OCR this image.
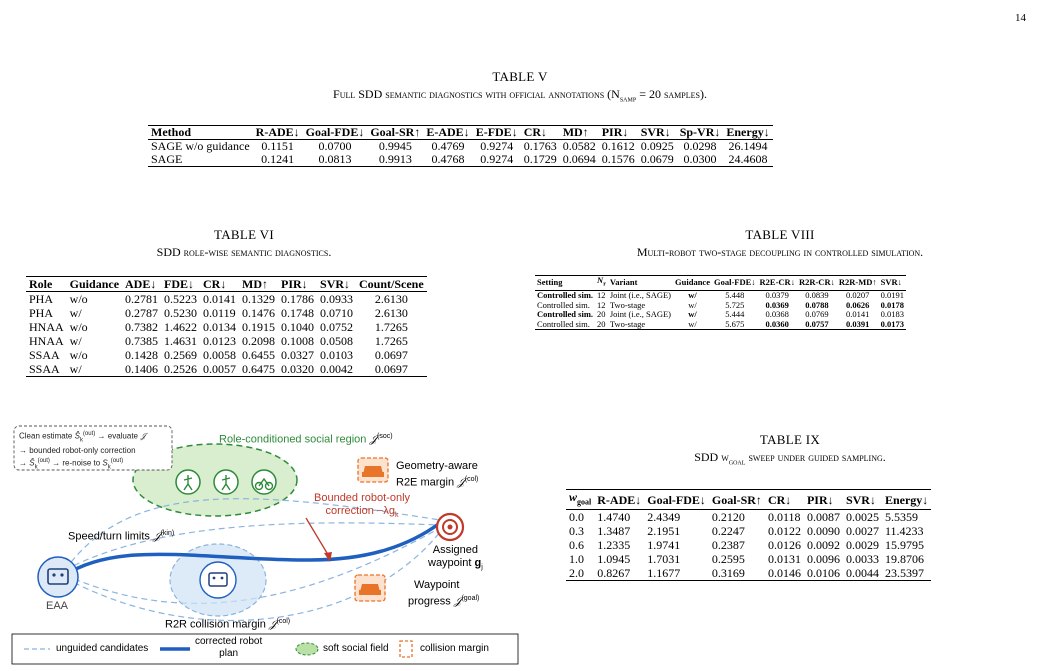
14
TABLE V
Full SDD semantic diagnostics with official annotations ($N_{samp} = 20$ samples).
Method	R-ADE↓	Goal-FDE↓	Goal-SR↑	E-ADE↓	E-FDE↓	CR↓	MD↑	PIR↓	SVR↓	Sp-VR↓	Energy↓
SAGE w/o guidance	0.1151	0.0700	0.9945	0.4769	0.9274	0.1763	0.0582	0.1612	0.0925	0.0298	26.1494
SAGE	0.1241	0.0813	0.9913	0.4768	0.9274	0.1729	0.0694	0.1576	0.0679	0.0300	24.4608
TABLE VI
SDD role-wise semantic diagnostics.
Role	Guidance	ADE↓	FDE↓	CR↓	MD↑	PIR↓	SVR↓	Count/Scene
PHA	w/o	0.2781	0.5223	0.0141	0.1329	0.1786	0.0933	2.6130
PHA	w/	0.2787	0.5230	0.0119	0.1476	0.1748	0.0710	2.6130
HNAA	w/o	0.7382	1.4622	0.0134	0.1915	0.1040	0.0752	1.7265
HNAA	w/	0.7385	1.4631	0.0123	0.2098	0.1008	0.0508	1.7265
SSAA	w/o	0.1428	0.2569	0.0058	0.6455	0.0327	0.0103	0.0697
SSAA	w/	0.1406	0.2526	0.0057	0.6475	0.0320	0.0042	0.0697
TABLE VIII
Multi-robot two-stage decoupling in controlled simulation.
Setting	$N_r$	Variant	Guidance	Goal-FDE↓	R2E-CR↓	R2R-CR↓	R2R-MD↑	SVR↓
Controlled sim.	12	Joint (i.e., SAGE)	w/	5.448	0.0379	0.0839	0.0207	0.0191
Controlled sim.	12	Two-stage	w/	5.725	0.0369	0.0788	0.0626	0.0178
Controlled sim.	20	Joint (i.e., SAGE)	w/	5.444	0.0368	0.0769	0.0141	0.0183
Controlled sim.	20	Two-stage	w/	5.675	0.0360	0.0757	0.0391	0.0173
TABLE IX
SDD $w_{goal}$ sweep under guided sampling.
$w_{goal}$	R-ADE↓	Goal-FDE↓	Goal-SR↑	CR↓	PIR↓	SVR↓	Energy↓
0.0	1.4740	2.4349	0.2120	0.0118	0.0087	0.0025	5.5359
0.3	1.3487	2.1951	0.2247	0.0122	0.0090	0.0027	11.4233
0.6	1.2335	1.9741	0.2387	0.0126	0.0092	0.0029	15.9795
1.0	1.0945	1.7031	0.2595	0.0131	0.0096	0.0033	19.8706
2.0	0.8267	1.1677	0.3169	0.0146	0.0106	0.0044	23.5397
Clean estimate $Ŝ_k^{(out)}$ → evaluate 𝒥
→ bounded robot-only correction
→ $Ŝ_k^{(out)}$ → re-noise to $S_k^{(out)}$
Role-conditioned social region 𝒥$^{(soc)}$
Geometry-aware
R2E margin 𝒥$^{(col)}$
Bounded robot-only
correction $-\lambda g_k$
Speed/turn limits 𝒥$^{(kin)}$
Assigned
waypoint $g_j$
Waypoint
progress 𝒥$^{(goal)}$
R2R collision margin 𝒥$^{(col)}$
EAA
unguided candidates
corrected robot
plan	soft social field	collision margin
